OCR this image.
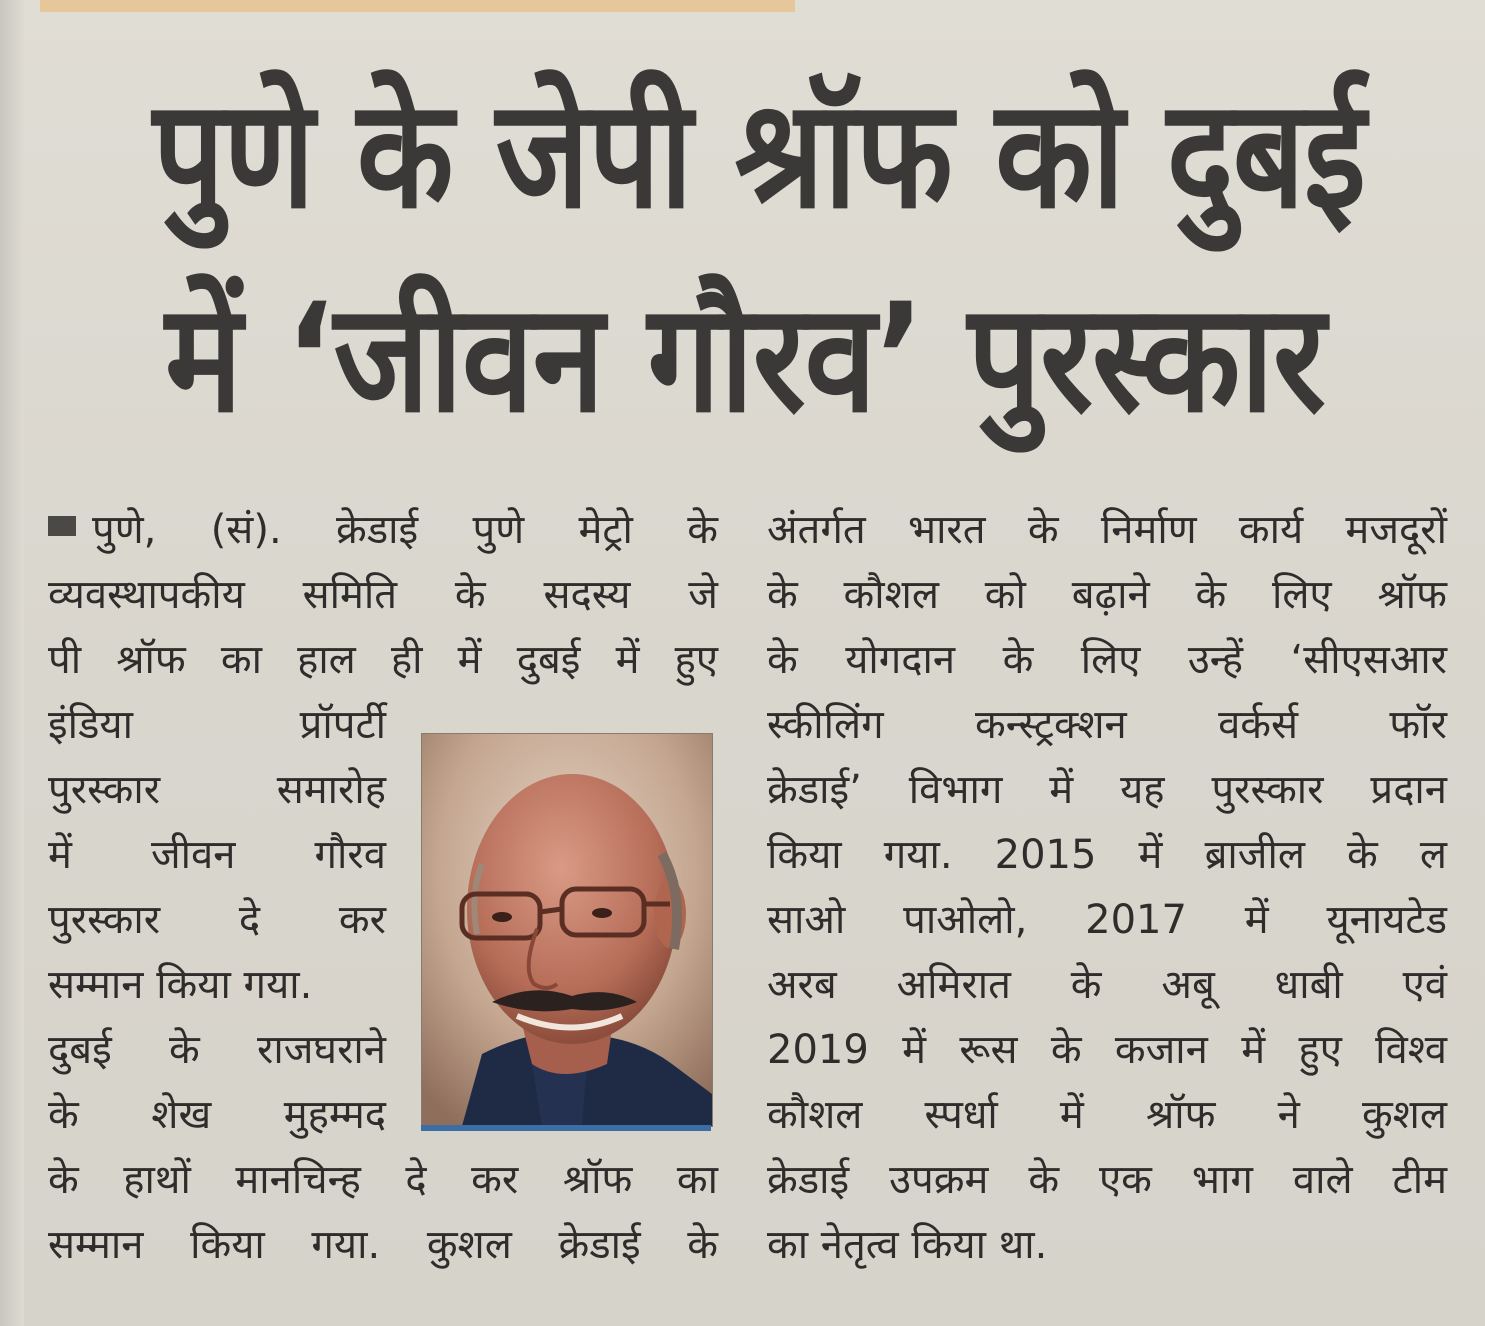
पुणे के जेपी श्रॉफ को दुबई
में ‘जीवन गौरव’ पुरस्कार
पुणे, (सं). क्रेडाई पुणे मेट्रो के
व्यवस्थापकीय समिति के सदस्य जे
पी श्रॉफ का हाल ही में दुबई में हुए
इंडिया प्रॉपर्टी
पुरस्कार समारोह
में जीवन गौरव
पुरस्कार दे कर
सम्मान किया गया.
दुबई के राजघराने
के शेख मुहम्मद
के हाथों मानचिन्ह दे कर श्रॉफ का
सम्मान किया गया. कुशल क्रेडाई के
अंतर्गत भारत के निर्माण कार्य मजदूरों
के कौशल को बढ़ाने के लिए श्रॉफ
के योगदान के लिए उन्हें ‘सीएसआर
स्कीलिंग कन्स्ट्रक्शन वर्कर्स फॉर
क्रेडाई’ विभाग में यह पुरस्कार प्रदान
किया गया. 2015 में ब्राजील के ल
साओ पाओलो, 2017 में यूनायटेड
अरब अमिरात के अबू धाबी एवं
2019 में रूस के कजान में हुए विश्व
कौशल स्पर्धा में श्रॉफ ने कुशल
क्रेडाई उपक्रम के एक भाग वाले टीम
का नेतृत्व किया था.
